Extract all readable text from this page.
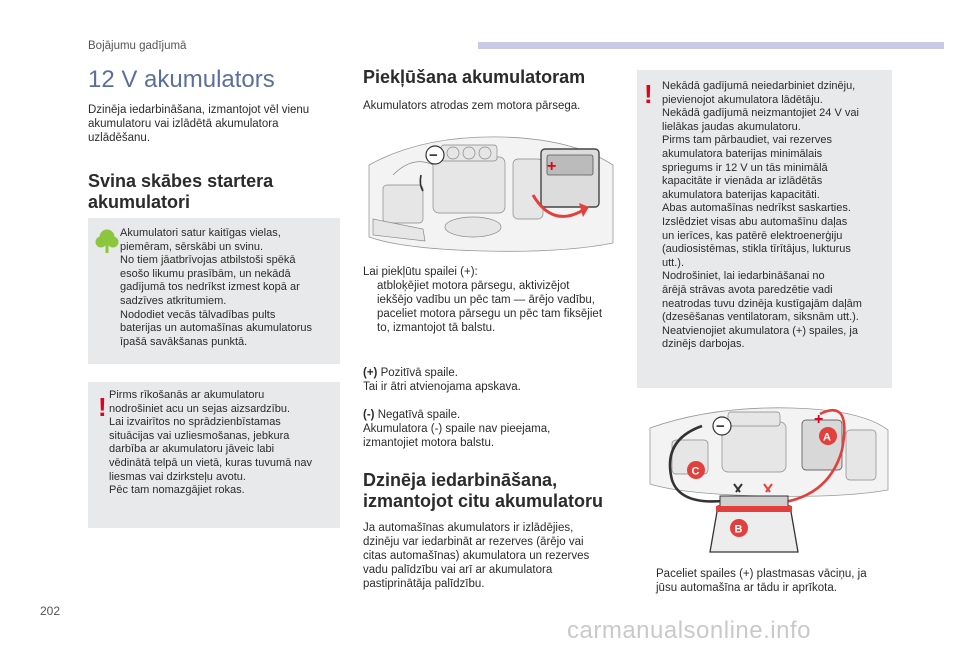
Bojājumu gadījumā
12 V akumulators
Dzinēja iedarbināšana, izmantojot vēl vienu akumulatoru vai izlādētā akumulatora uzlādēšanu.
Svina skābes startera
akumulatori
Akumulatori satur kaitīgas vielas,
piemēram, sērskābi un svinu.
No tiem jāatbrīvojas atbilstoši spēkā
esošo likumu prasībām, un nekādā
gadījumā tos nedrīkst izmest kopā ar
sadzīves atkritumiem.
Nododiet vecās tālvadības pults
baterijas un automašīnas akumulatorus
īpašā savākšanas punktā.
! Pirms rīkošanās ar akumulatoru
nodrošiniet acu un sejas aizsardzību.
Lai izvairītos no sprādzienbīstamas
situācijas vai uzliesmošanas, jebkura
darbība ar akumulatoru jāveic labi
vēdinātā telpā un vietā, kuras tuvumā nav
liesmas vai dzirksteļu avotu.
Pēc tam nomazgājiet rokas.
Piekļūšana akumulatoram
Akumulators atrodas zem motora pārsega.
+
−
Lai piekļūtu spailei (+):
atbloķējiet motora pārsegu, aktivizējot
iekšējo vadību un pēc tam — ārējo vadību,
paceliet motora pārsegu un pēc tam fiksējiet
to, izmantojot tā balstu.
(+) Pozitīvā spaile.
Tai ir ātri atvienojama apskava.
(-) Negatīvā spaile.
Akumulatora (-) spaile nav pieejama,
izmantojiet motora balstu.
Dzinēja iedarbināšana,
izmantojot citu akumulatoru
Ja automašīnas akumulators ir izlādējies,
dzinēju var iedarbināt ar rezerves (ārējo vai
citas automašīnas) akumulatora un rezerves
vadu palīdzību vai arī ar akumulatora
pastiprinātāja palīdzību.
! Nekādā gadījumā neiedarbiniet dzinēju,
pievienojot akumulatora lādētāju.
Nekādā gadījumā neizmantojiet 24 V vai
lielākas jaudas akumulatoru.
Pirms tam pārbaudiet, vai rezerves
akumulatora baterijas minimālais
spriegums ir 12 V un tās minimālā
kapacitāte ir vienāda ar izlādētās
akumulatora baterijas kapacitāti.
Abas automašīnas nedrīkst saskarties.
Izslēdziet visas abu automašīnu daļas
un ierīces, kas patērē elektroenerģiju
(audiosistēmas, stikla tīrītājus, lukturus
utt.).
Nodrošiniet, lai iedarbināšanai no
ārējā strāvas avota paredzētie vadi
neatrodas tuvu dzinēja kustīgajām daļām
(dzesēšanas ventilatoram, siksnām utt.).
Neatvienojiet akumulatora (+) spailes, ja
dzinējs darbojas.
−	+
A
B
C
Paceliet spailes (+) plastmasas vāciņu, ja
jūsu automašīna ar tādu ir aprīkota.
202
carmanualsonline.info
